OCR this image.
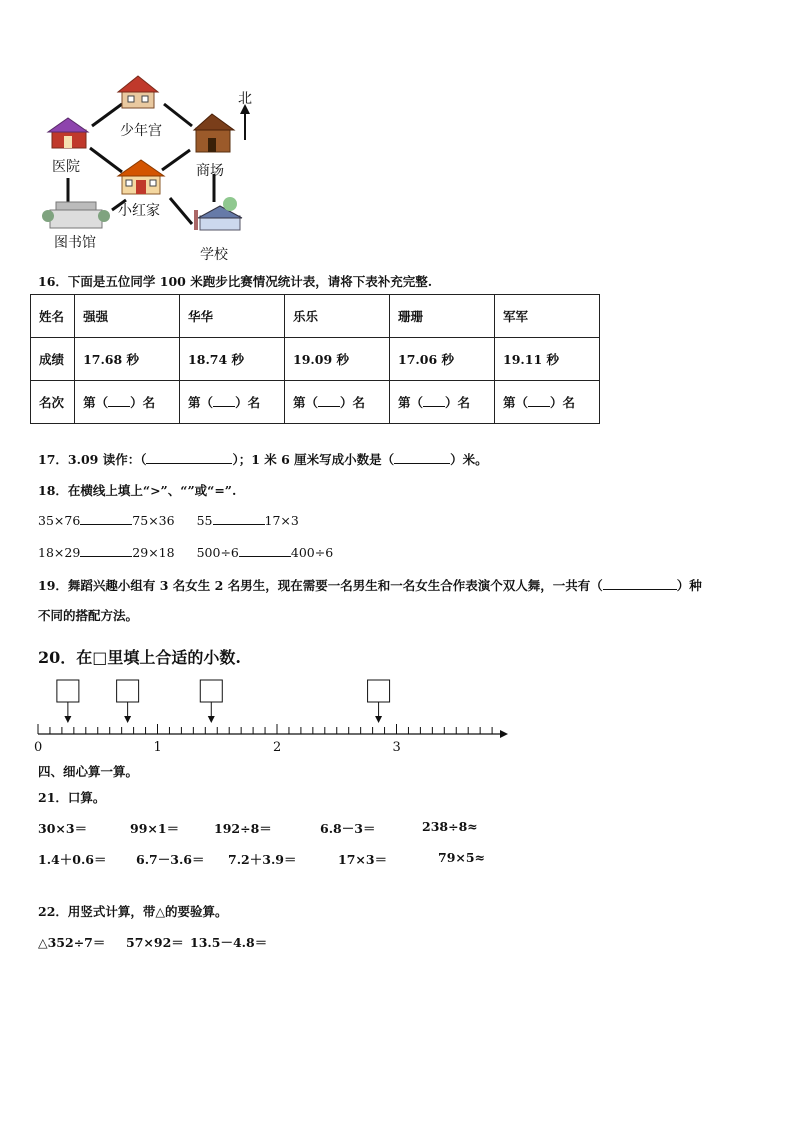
北
少年宫
医院	商场
小红家
图书馆
学校
16．下面是五位同学 100 米跑步比赛情况统计表，请将下表补充完整.
姓名	强强	华华	乐乐	珊珊	军军
成绩	17.68 秒	18.74 秒	19.09 秒	17.06 秒	19.11 秒
名次	第（ ）名	第（ ）名	第（ ）名	第（ ）名	第（ ）名
17．3.09 读作：（	）；1 米 6 厘米写成小数是（	）米。
18．在横线上填上“>”、“”或“=”.
35×76	75×36 55	17×3
18×29	29×18 500÷6	400÷6
19．舞蹈兴趣小组有 3 名女生 2 名男生，现在需要一名男生和一名女生合作表演个双人舞，一共有（	）种
不同的搭配方法。
20．在□里填上合适的小数.
0	1	2	3
四、细心算一算。
21．口算。
30×3＝	99×1＝	192÷8＝	6.8－3＝	238÷8≈
1.4＋0.6＝ 6.7－3.6＝ 7.2＋3.9＝	17×3＝	79×5≈
22．用竖式计算，带△的要验算。
△352÷7＝ 57×92＝ 13.5－4.8＝
